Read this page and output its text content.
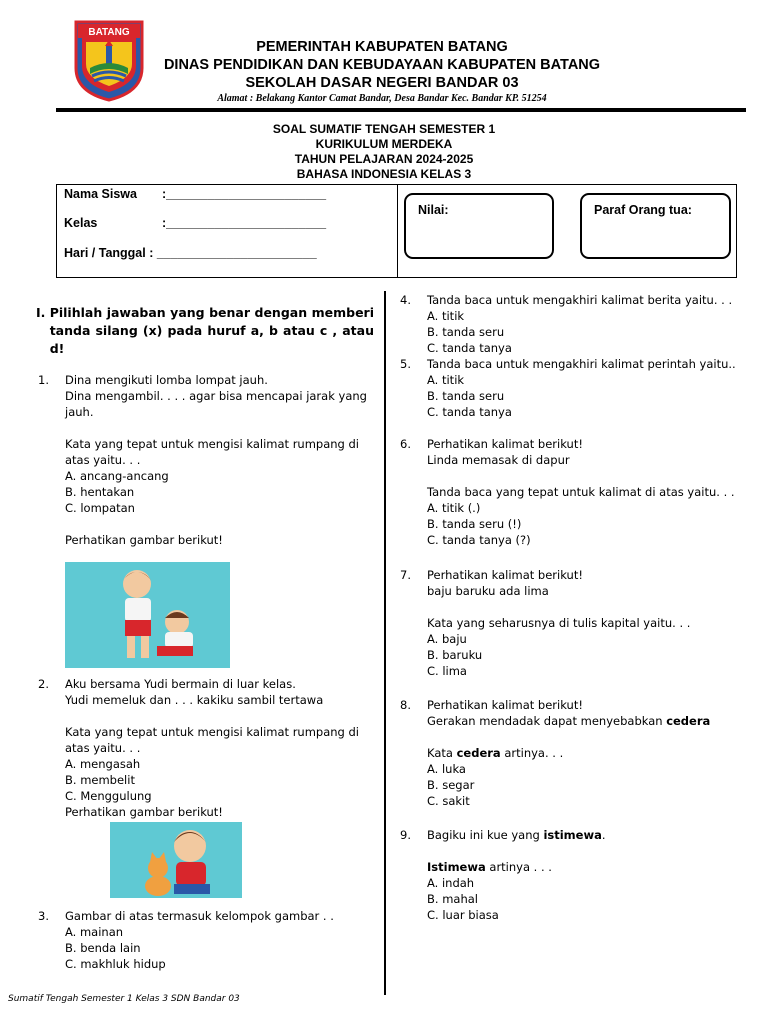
BATANG
PEMERINTAH KABUPATEN BATANG
DINAS PENDIDIKAN DAN KEBUDAYAAN KABUPATEN BATANG
SEKOLAH DASAR NEGERI BANDAR 03
Alamat : Belakang Kantor Camat Bandar, Desa Bandar Kec. Bandar KP. 51254
SOAL SUMATIF TENGAH SEMESTER 1
KURIKULUM MERDEKA
TAHUN PELAJARAN 2024-2025
BAHASA INDONESIA KELAS 3
Nama Siswa :_______________________
Kelas	:_______________________
Hari / Tanggal : _______________________
Nilai:	Paraf Orang tua:
I. Pilihlah jawaban yang benar dengan memberi tanda silang (x) pada huruf a, b atau c , atau d!
1.	Dina mengikuti lomba lompat jauh.

Dina mengambil. . . . agar bisa mencapai jarak yang jauh.

Kata yang tepat untuk mengisi kalimat rumpang di atas yaitu. . .

A. ancang-ancang

B. hentakan

C. lompatan

Perhatikan gambar berikut!

2.	Aku bersama Yudi bermain di luar kelas.

Yudi memeluk dan . . . kakiku sambil tertawa

Kata yang tepat untuk mengisi kalimat rumpang di atas yaitu. . .

A. mengasah

B. membelit

C. Menggulung

Perhatikan gambar berikut!

3.	Gambar di atas termasuk kelompok gambar . .

A. mainan

B. benda lain

C. makhluk hidup

4.	Tanda baca untuk mengakhiri kalimat berita yaitu. . .

A. titik

B. tanda seru

C. tanda tanya

5.	Tanda baca untuk mengakhiri kalimat perintah yaitu..

A. titik

B. tanda seru

C. tanda tanya

6.	Perhatikan kalimat berikut!

Linda memasak di dapur

Tanda baca yang tepat untuk kalimat di atas yaitu. . .

A. titik (.)

B. tanda seru (!)

C. tanda tanya (?)

7.	Perhatikan kalimat berikut!

baju baruku ada lima

Kata yang seharusnya di tulis kapital yaitu. . .

A. baju

B. baruku

C. lima

8.	Perhatikan kalimat berikut!

Gerakan mendadak dapat menyebabkan cedera

Kata cedera artinya. . .

A. luka

B. segar

C. sakit

9.	Bagiku ini kue yang istimewa.

Istimewa artinya . . .

A. indah

B. mahal

C. luar biasa

Sumatif Tengah Semester 1 Kelas 3 SDN Bandar 03
